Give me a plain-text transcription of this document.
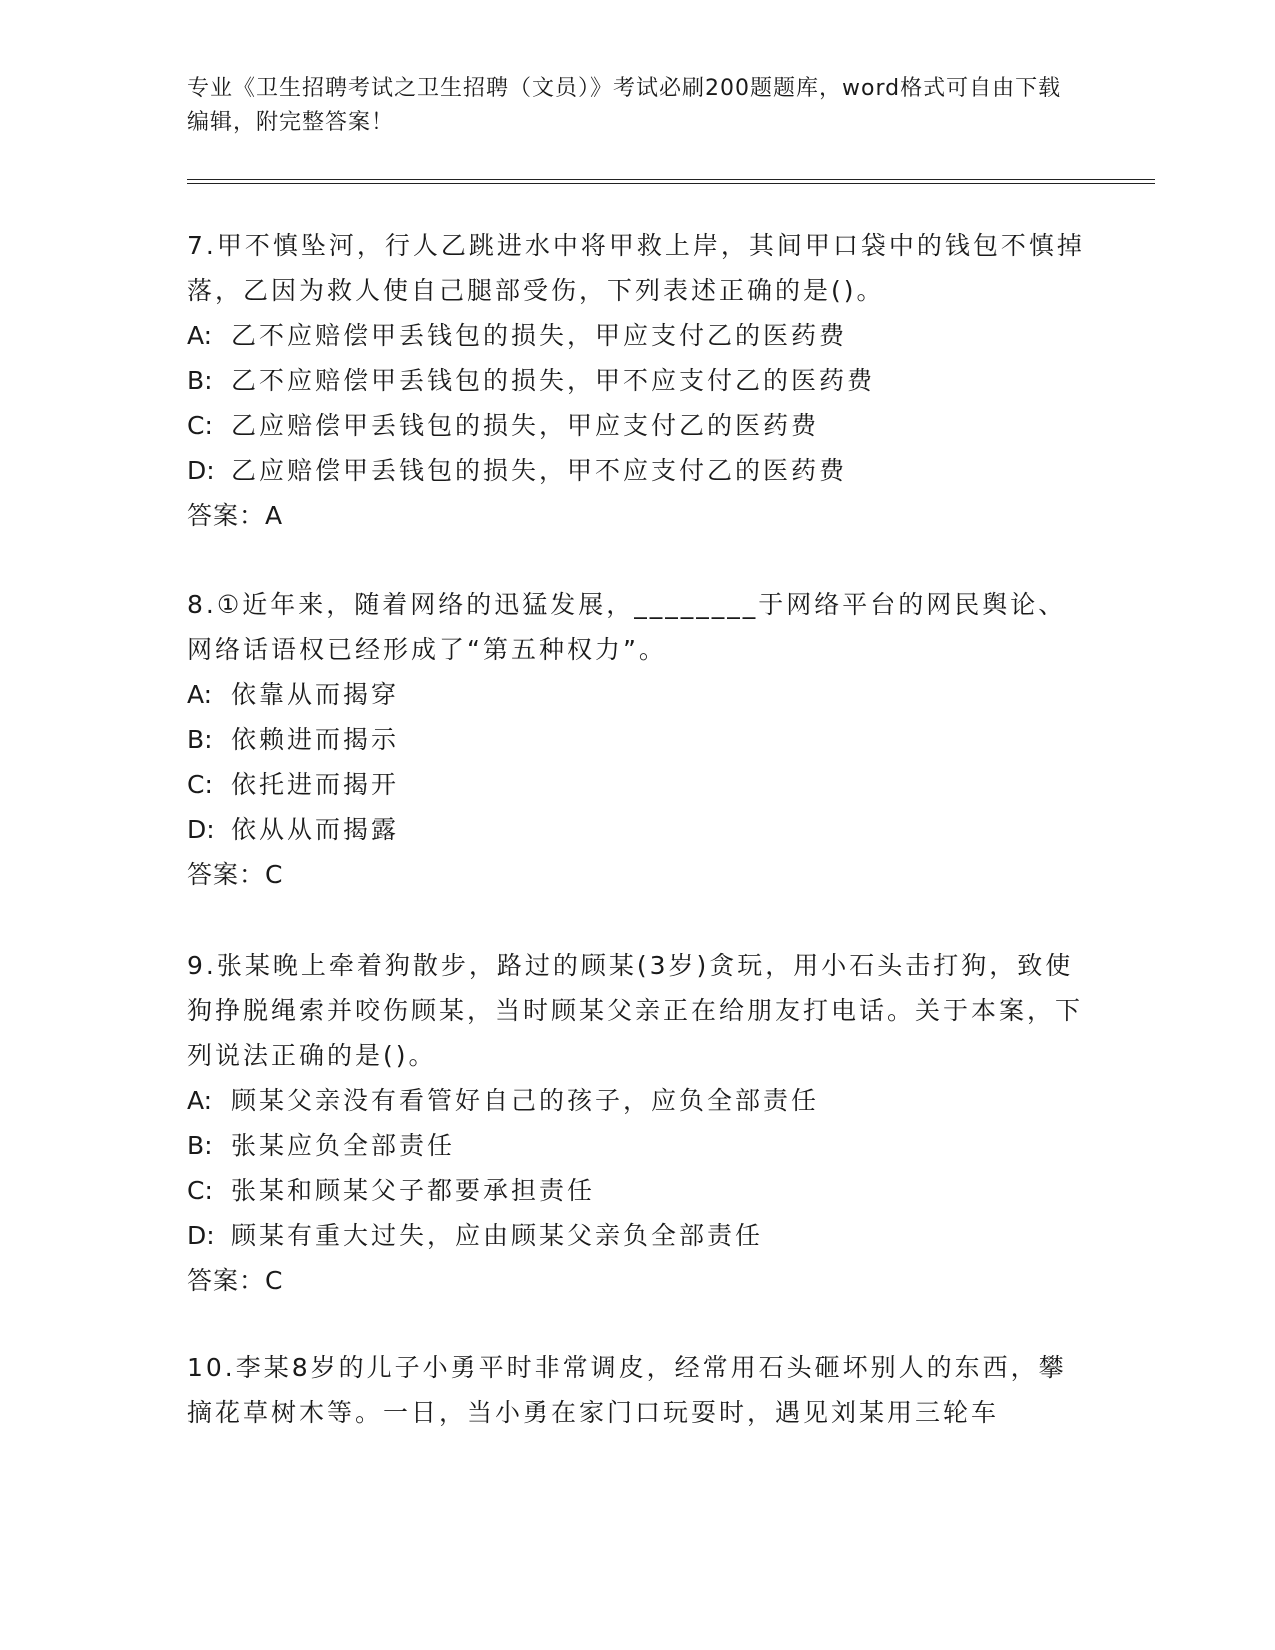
专业《卫生招聘考试之卫生招聘（文员）》考试必刷200题题库，word格式可自由下载编辑，附完整答案！

7.甲不慎坠河，行人乙跳进水中将甲救上岸，其间甲口袋中的钱包不慎掉落，乙因为救人使自己腿部受伤，下列表述正确的是()。

A: 乙不应赔偿甲丢钱包的损失，甲应支付乙的医药费

B: 乙不应赔偿甲丢钱包的损失，甲不应支付乙的医药费

C: 乙应赔偿甲丢钱包的损失，甲应支付乙的医药费

D: 乙应赔偿甲丢钱包的损失，甲不应支付乙的医药费

答案：A

8.①近年来，随着网络的迅猛发展，________于网络平台的网民舆论、网络话语权已经形成了“第五种权力”。

A: 依靠从而揭穿

B: 依赖进而揭示

C: 依托进而揭开

D: 依从从而揭露

答案：C

9.张某晚上牵着狗散步，路过的顾某(3岁)贪玩，用小石头击打狗，致使狗挣脱绳索并咬伤顾某，当时顾某父亲正在给朋友打电话。关于本案，下列说法正确的是()。

A: 顾某父亲没有看管好自己的孩子，应负全部责任

B: 张某应负全部责任

C: 张某和顾某父子都要承担责任

D: 顾某有重大过失，应由顾某父亲负全部责任

答案：C

10.李某8岁的儿子小勇平时非常调皮，经常用石头砸坏别人的东西，攀摘花草树木等。一日，当小勇在家门口玩耍时，遇见刘某用三轮车
